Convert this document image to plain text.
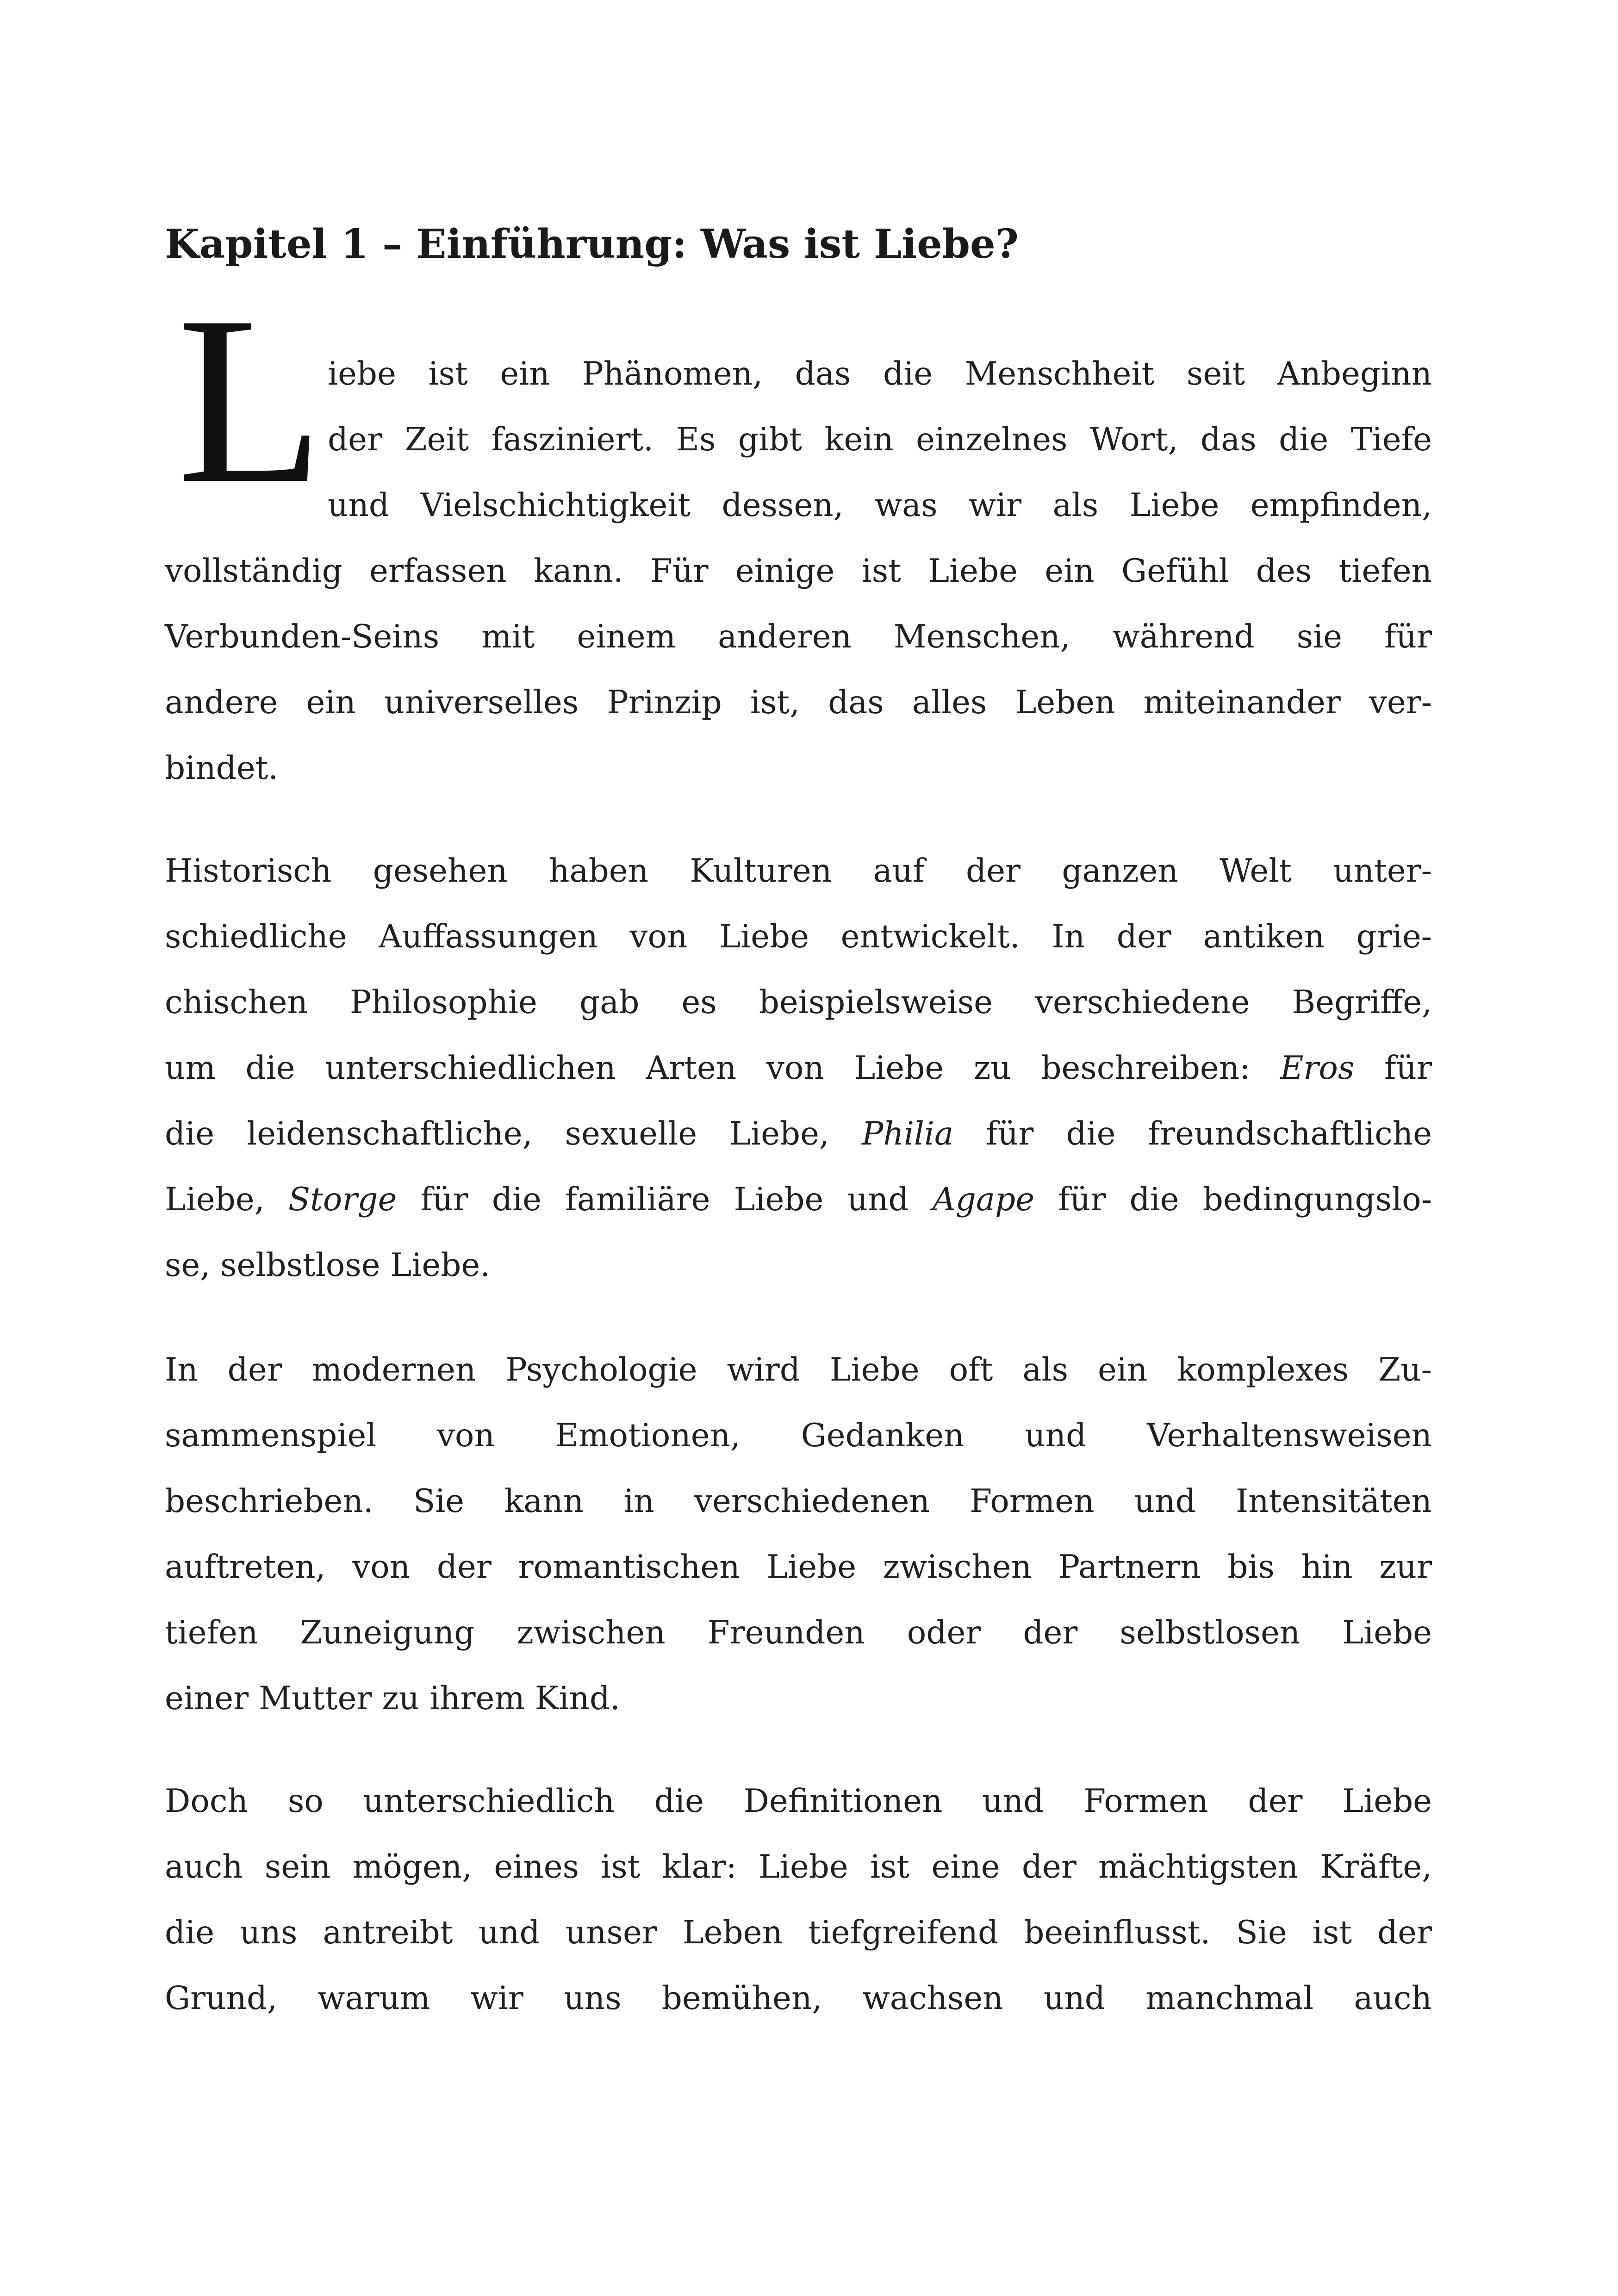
Kapitel 1 – Einführung: Was ist Liebe?
L iebe ist ein Phänomen, das die Menschheit seit Anbeginn
der Zeit fasziniert. Es gibt kein einzelnes Wort, das die Tiefe
und Vielschichtigkeit dessen, was wir als Liebe empfinden,
vollständig erfassen kann. Für einige ist Liebe ein Gefühl des tiefen
Verbunden-Seins mit einem anderen Menschen, während sie für
andere ein universelles Prinzip ist, das alles Leben miteinander ver-
bindet.
Historisch gesehen haben Kulturen auf der ganzen Welt unter-
schiedliche Auffassungen von Liebe entwickelt. In der antiken grie-
chischen Philosophie gab es beispielsweise verschiedene Begriffe,
um die unterschiedlichen Arten von Liebe zu beschreiben: Eros für
die leidenschaftliche, sexuelle Liebe, Philia für die freundschaftliche
Liebe, Storge für die familiäre Liebe und Agape für die bedingungslo-
se, selbstlose Liebe.
In der modernen Psychologie wird Liebe oft als ein komplexes Zu-
sammenspiel von Emotionen, Gedanken und Verhaltensweisen
beschrieben. Sie kann in verschiedenen Formen und Intensitäten
auftreten, von der romantischen Liebe zwischen Partnern bis hin zur
tiefen Zuneigung zwischen Freunden oder der selbstlosen Liebe
einer Mutter zu ihrem Kind.
Doch so unterschiedlich die Definitionen und Formen der Liebe
auch sein mögen, eines ist klar: Liebe ist eine der mächtigsten Kräfte,
die uns antreibt und unser Leben tiefgreifend beeinflusst. Sie ist der
Grund, warum wir uns bemühen, wachsen und manchmal auch
